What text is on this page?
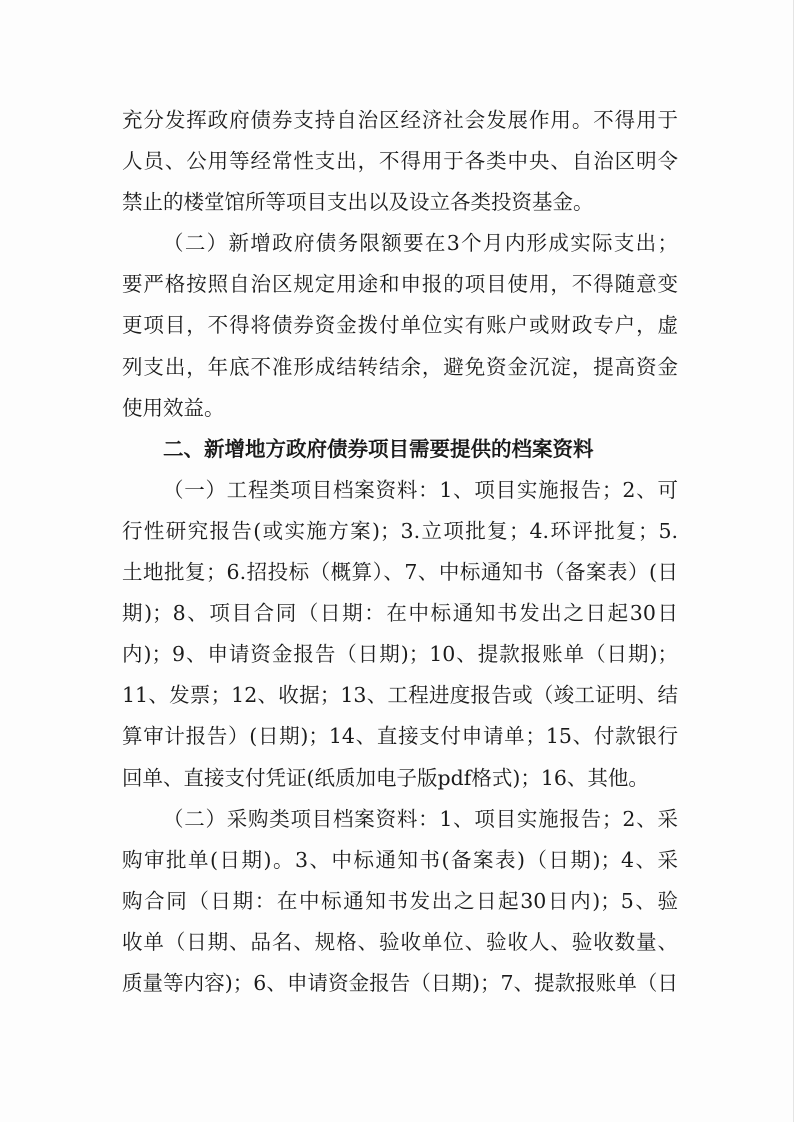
充分发挥政府债券支持自治区经济社会发展作用。不得用于
人员、公用等经常性支出，不得用于各类中央、自治区明令
禁止的楼堂馆所等项目支出以及设立各类投资基金。

（二）新增政府债务限额要在3个月内形成实际支出；
要严格按照自治区规定用途和申报的项目使用，不得随意变
更项目，不得将债券资金拨付单位实有账户或财政专户，虚
列支出，年底不准形成结转结余，避免资金沉淀，提高资金
使用效益。

二、新增地方政府债券项目需要提供的档案资料

（一）工程类项目档案资料：1、项目实施报告；2、可
行性研究报告(或实施方案)；3.立项批复；4.环评批复；5.
土地批复；6.招投标（概算）、7、中标通知书（备案表）(日
期)；8、项目合同（日期：在中标通知书发出之日起30日
内)；9、申请资金报告（日期)；10、提款报账单（日期)；
11、发票；12、收据；13、工程进度报告或（竣工证明、结
算审计报告）(日期)；14、直接支付申请单；15、付款银行
回单、直接支付凭证(纸质加电子版pdf格式)；16、其他。

（二）采购类项目档案资料：1、项目实施报告；2、采
购审批单(日期)。3、中标通知书(备案表)（日期)；4、采
购合同（日期：在中标通知书发出之日起30日内)；5、验
收单（日期、品名、规格、验收单位、验收人、验收数量、
质量等内容)；6、申请资金报告（日期)；7、提款报账单（日
